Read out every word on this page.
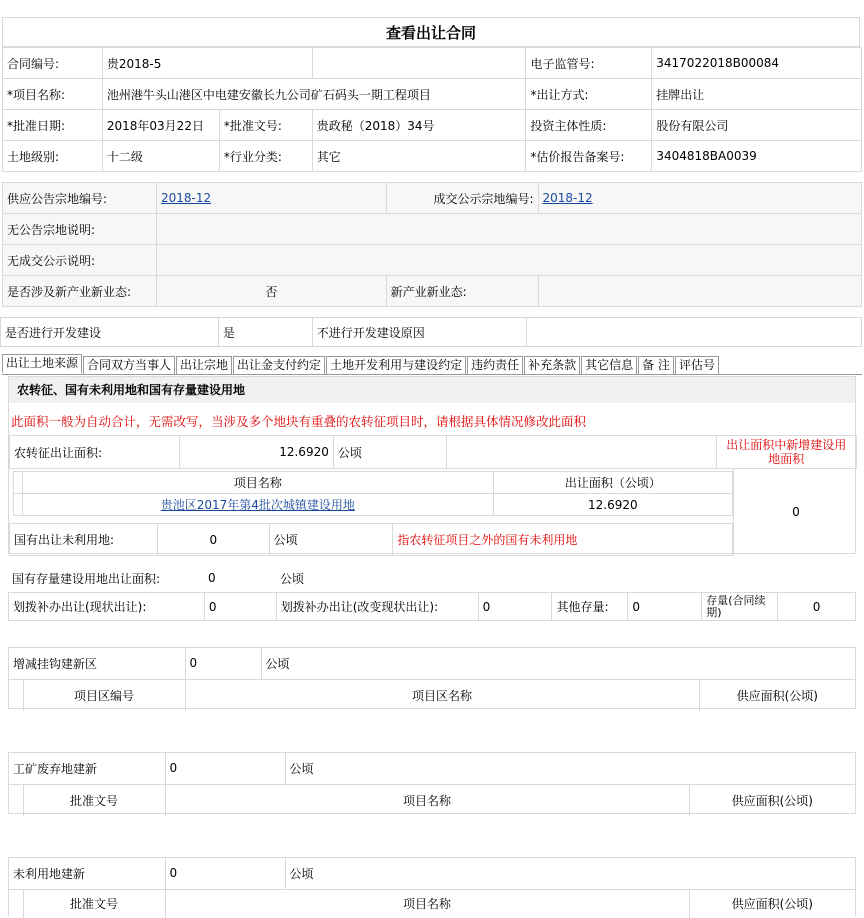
查看出让合同
合同编号:	贵2018-5		电子监管号:	3417022018B00084
*项目名称:	池州港牛头山港区中电建安徽长九公司矿石码头一期工程项目		*出让方式:	挂牌出让
*批准日期:	2018年03月22日	*批准文号:	贵政秘（2018）34号	投资主体性质:	股份有限公司
土地级别:	十二级	*行业分类:	其它	*估价报告备案号:	3404818BA0039
供应公告宗地编号:	2018-12	成交公示宗地编号:	2018-12
无公告宗地说明:			
无成交公示说明:			
是否涉及新产业新业态:	否	新产业新业态:	
是否进行开发建设	是	不进行开发建设原因	
出让土地来源 合同双方当事人 出让宗地 出让金支付约定 土地开发利用与建设约定 违约责任 补充条款 其它信息 备 注 评估号
农转征、国有未利用地和国有存量建设用地
此面积一般为自动合计，无需改写，当涉及多个地块有重叠的农转征项目时，请根据具体情况修改此面积
农转征出让面积:	12.6920	公顷		出让面积中新增建设用地面积
	项目名称	出让面积（公顷）
	贵池区2017年第4批次城镇建设用地	12.6920
0
国有出让未利用地:	0	公顷	指农转征项目之外的国有未利用地
国有存量建设用地出让面积:	0	公顷
划拨补办出让(现状出让):	0	划拨补办出让(改变现状出让):	0	其他存量:	0	存量(合同续期)	0
增减挂钩建新区	0	公顷
	项目区编号	项目区名称	供应面积(公顷)
工矿废弃地建新	0	公顷
	批准文号	项目名称	供应面积(公顷)
未利用地建新	0	公顷
	批准文号	项目名称	供应面积(公顷)
